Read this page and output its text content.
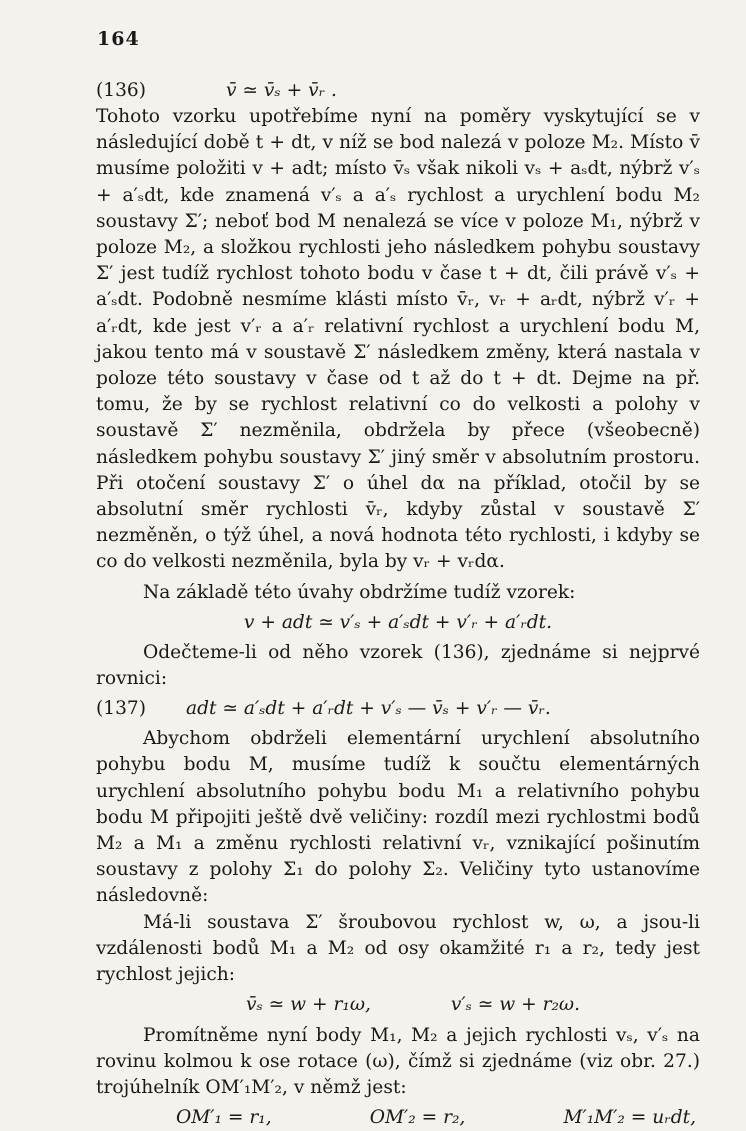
164
(136)	v̄ ≃ v̄ₛ + v̄ᵣ .

Tohoto vzorku upotřebíme nyní na poměry vyskytující se v následující době t + dt, v níž se bod nalezá v poloze M₂. Místo v̄ musíme položiti v + adt; místo v̄ₛ však nikoli vₛ + aₛdt, nýbrž v′ₛ + a′ₛdt, kde znamená v′ₛ a a′ₛ rychlost a urychlení bodu M₂ soustavy Σ′; neboť bod M nenalezá se více v poloze M₁, nýbrž v poloze M₂, a složkou rychlosti jeho následkem pohybu soustavy Σ′ jest tudíž rychlost tohoto bodu v čase t + dt, čili právě v′ₛ + a′ₛdt. Podobně nesmíme klásti místo v̄ᵣ, vᵣ + aᵣdt, nýbrž v′ᵣ + a′ᵣdt, kde jest v′ᵣ a a′ᵣ relativní rychlost a urychlení bodu M, jakou tento má v soustavě Σ′ následkem změny, která nastala v poloze této soustavy v čase od t až do t + dt. Dejme na př. tomu, že by se rychlost relativní co do velkosti a polohy v soustavě Σ′ nezměnila, obdržela by přece (všeobecně) následkem pohybu soustavy Σ′ jiný směr v absolutním prostoru. Při otočení soustavy Σ′ o úhel dα na příklad, otočil by se absolutní směr rychlosti v̄ᵣ, kdyby zůstal v soustavě Σ′ nezměněn, o týž úhel, a nová hodnota této rychlosti, i kdyby se co do velkosti nezměnila, byla by vᵣ + vᵣdα.

Na základě této úvahy obdržíme tudíž vzorek:

v + adt ≃ v′ₛ + a′ₛdt + v′ᵣ + a′ᵣdt.

Odečteme-li od něho vzorek (136), zjednáme si nejprvé rovnici:

(137)	adt ≃ a′ₛdt + a′ᵣdt + v′ₛ — v̄ₛ + v′ᵣ — v̄ᵣ.

Abychom obdrželi elementární urychlení absolutního pohybu bodu M, musíme tudíž k součtu elementárných urychlení absolutního pohybu bodu M₁ a relativního pohybu bodu M připojiti ještě dvě veličiny: rozdíl mezi rychlostmi bodů M₂ a M₁ a změnu rychlosti relativní vᵣ, vznikající pošinutím soustavy z polohy Σ₁ do polohy Σ₂. Veličiny tyto ustanovíme následovně:

Má-li soustava Σ′ šroubovou rychlost w, ω, a jsou-li vzdálenosti bodů M₁ a M₂ od osy okamžité r₁ a r₂, tedy jest rychlost jejich:

v̄ₛ ≃ w + r₁ω,	v′ₛ ≃ w + r₂ω.

Promítněme nyní body M₁, M₂ a jejich rychlosti vₛ, v′ₛ na rovinu kolmou k ose rotace (ω), čímž si zjednáme (viz obr. 27.) trojúhelník OM′₁M′₂, v němž jest:

OM′₁ = r₁,	OM′₂ = r₂,	M′₁M′₂ = uᵣdt,
